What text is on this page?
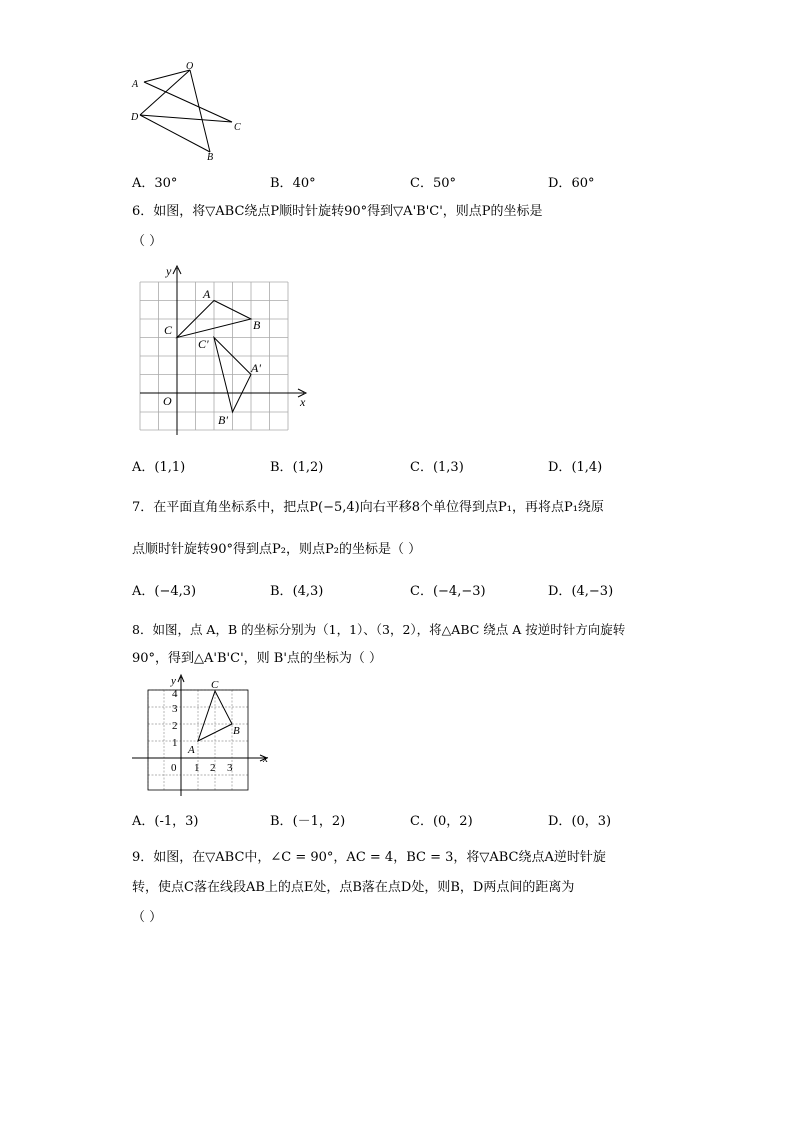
A
O
D
C
B
A．30°	B．40°	C．50°	D．60°
6．如图，将▽ABC绕点P顺时针旋转90°得到▽A'B'C'，则点P的坐标是
（ ）
y
x
O
A
B
C
A'
B'
C'
A．(1,1)	B．(1,2)	C．(1,3)	D．(1,4)
7．在平面直角坐标系中，把点P(−5,4)向右平移8个单位得到点P₁，再将点P₁绕原
点顺时针旋转90°得到点P₂，则点P₂的坐标是（ ）
A．(−4,3)	B．(4,3)	C．(−4,−3)	D．(4,−3)
8．如图，点 A，B 的坐标分别为（1，1）、（3，2），将△ABC 绕点 A 按逆时针方向旋转
90°，得到△A'B'C'，则 B'点的坐标为（ ）
y
x
0 1 2 3
4
3
2
1
A
C
B
A．(-1，3)	B．(－1，2)	C．(0，2)	D．(0，3)
9．如图，在▽ABC中，∠C = 90°，AC = 4，BC = 3，将▽ABC绕点A逆时针旋
转，使点C落在线段AB上的点E处，点B落在点D处，则B，D两点间的距离为
（ ）
